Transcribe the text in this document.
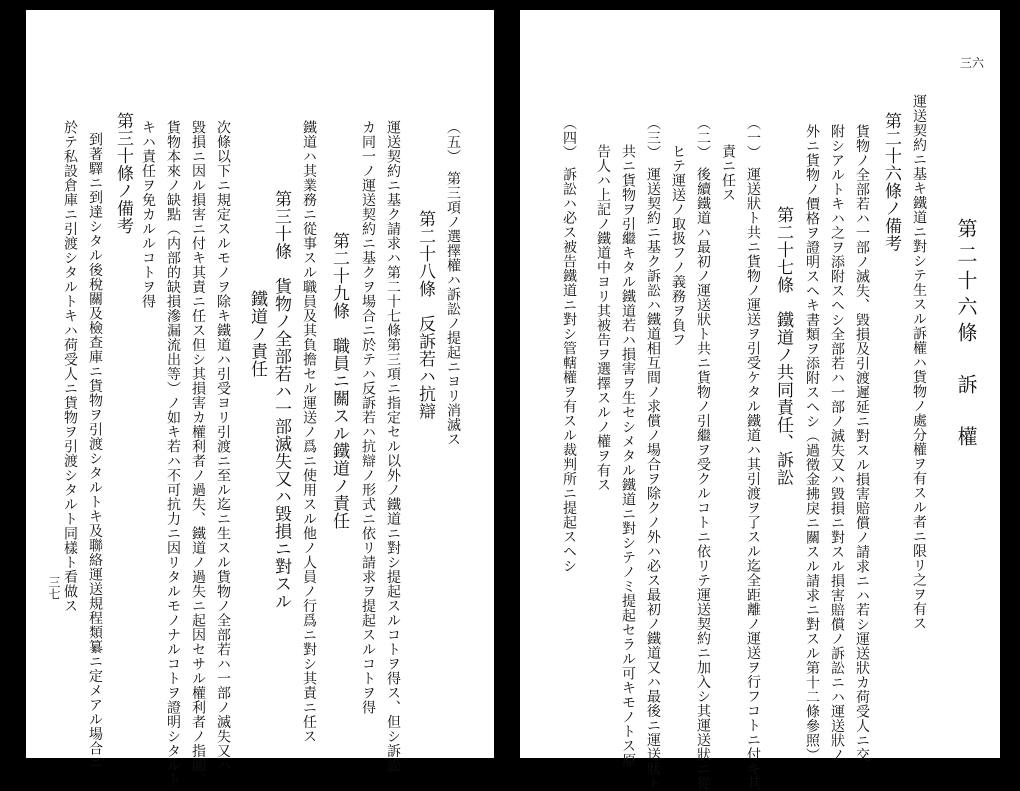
第二十六條　訴　權
運送契約ニ基キ鐵道ニ對シテ生スル訴權ハ貨物ノ處分權ヲ有スル者ニ限リ之ヲ有ス
第二十六條ノ備考
貨物ノ全部若ハ一部ノ滅失、毀損及引渡遲延ニ對スル損害賠償ノ請求ニハ若シ運送狀カ荷受人ニ交
附シアルトキハ之ヲ添附スヘシ全部若ハ一部ノ滅失又ハ毀損ニ對スル損害賠償ノ訴訟ニハ運送狀ノ
外ニ貨物ノ價格ヲ證明スヘキ書類ヲ添附スヘシ（過徵金拂戾ニ關スル請求ニ對スル第十二條參照）
第二十七條　鐵道ノ共同責任、訴訟
（一）　運送狀ト共ニ貨物ノ運送ヲ引受ケタル鐵道ハ其引渡ヲ了スル迄全距離ノ運送ヲ行フコトニ付キ其
責ニ任ス
（二）　後續鐵道ハ最初ノ運送狀ト共ニ貨物ノ引繼ヲ受クルコトニ依リテ運送契約ニ加入シ其運送狀ニ從
ヒテ運送ノ取扱フノ義務ヲ負フ
（三）　運送契約ニ基ク訴訟ハ鐵道相互間ノ求償ノ場合ヲ除クノ外ハ必ス最初ノ鐵道又ハ最後ニ運送狀ト
共ニ貨物ヲ引繼キタル鐵道若ハ損害ヲ生セシメタル鐵道ニ對シテノミ提起セラル可キモノトス原
告人ハ上記ノ鐵道中ヨリ其被告ヲ選擇スルノ權ヲ有ス
（四）　訴訟ハ必ス被告鐵道ニ對シ管轄權ヲ有スル裁判所ニ提起スヘシ
三六
（五）　第三項ノ選擇權ハ訴訟ノ提起ニヨリ消滅ス
第二十八條　反訴若ハ抗辯
運送契約ニ基ク請求ハ第二十七條第三項ニ指定セル以外ノ鐵道ニ對シ提起スルコトヲ得ス、但シ訴訟
カ同一ノ運送契約ニ基クヲ場合ニ於テハ反訴若ハ抗辯ノ形式ニ依リ請求ヲ提起スルコトヲ得
第二十九條　職員ニ關スル鐵道ノ責任
鐵道ハ其業務ニ從事スル職員及其負擔セル運送ノ爲ニ使用スル他ノ人員ノ行爲ニ對シ其責ニ任ス
第三十條　貨物ノ全部若ハ一部滅失又ハ毀損ニ對スル
鐵道ノ責任
次條以下ニ規定スルモノヲ除キ鐵道ハ引受ヨリ引渡ニ至ル迄ニ生スル貨物ノ全部若ハ一部ノ滅失又ハ
毀損ニ因ル損害ニ付キ其責ニ任ス但シ其損害カ權利者ノ過失、鐵道ノ過失ニ起因セサル權利者ノ指圖、
貨物本來ノ缺點（内部的缺損滲漏流出等）ノ如キ若ハ不可抗力ニ因リタルモノナルコトヲ證明シタルト
キハ責任ヲ免カルルコトヲ得
第三十條ノ備考
到著驛ニ到達シタル後稅關及檢查庫ニ貨物ヲ引渡シタルトキ及聯絡運送規程類纂ニ定メアル場合ニ
於テ私設倉庫ニ引渡シタルトキハ荷受人ニ貨物ヲ引渡シタルト同樣ト看做ス
三七
